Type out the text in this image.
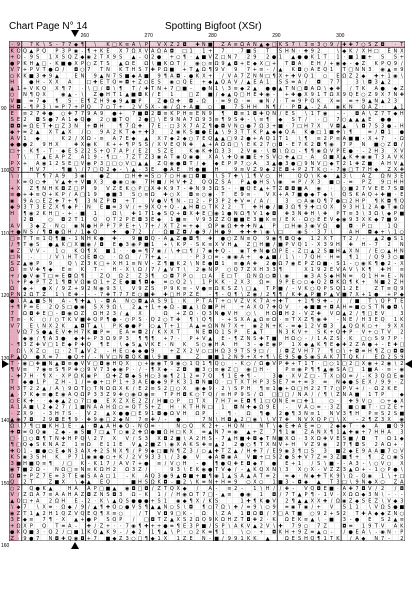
Chart Page N° 14	Spotting Bigfoot (XSr)
260	270	280	290	300
90
100
110
120
130
140
150
160
· 9 7 K \ S - 7 7 ◆ ¶ \ K □ K ≡ A \ P V X Z 2 ◘ ✚ N ■ Z A ≡ Ω A N ▲ ◆ □ K S 7 \ 3 ≡ 3 ○ 9 / ✚ ✚ 7 ○ S Z ◘ · T
K Q Q ▲ P Q P 3 P ◉ - ¶ + K E X 7 Ω X V A Ω A ◘ □ 1 1 + 7	7 ■ S T S H N · ✚ 9 2	\ ◆ K / X H □ E N X
+ Q - 9 S 1 X S Q Z ◆ ◉ 2 T X 9 S ▲ - Q 2 ● + ○ ¶ · ▲ ■ V Z □ N 7 2 9 2 ● 1 ▲ ● ● K 1 T 1 · ■ 1 ■ + S S +
● P K H ▲ □ - K ■ ● X P ○ Z T S ▲ Ω E Ω \ ■ K Ω T / ◉ ○ ≡ Ω 9 ▲ ◘ + E ◆ X □ + T ◘ A E H / + ◉ ◆ - ◆ Z K P Q 9 /
V 7 + P V T ● Ω / ◘ ○ 7 T N K T H S 7 ✚ P Ω ■ + T ▲ Ω ¶ 9 V 9 7 + ≡ - / ▲ K ◘ ○ A E Q 1 T □ N N 3 ◉ ▲ ≡ 9
○ K K ■ 3 ✚ 9 ▲	E N 9 ▲ N 7 S ■ ◆ A ■ 9 ¶ A ◘ - ● K X + / V A 7 Z N N □ ¶ X + ✚ V Q 1 ○ E Ω Z 2 ◆ ✚ + 1 ◉ \
H	● H - X X A	□ ✚ E T Q ≡ ◘ + Z ○ E S ◉ ○ Q E + ◆ ▲ Q A V / ▲ E A 1 S S ≡ A / ◘ 7 7	3 \ ◘ 3 ▲ 2
▲ 1 + V K Q X ¶ 7 · \ □ / ◘ \ ¶ T / ✚ T N + 7 □ ■ - ● N 1 \ 3 ≡ ◆ 2 ▲ ● ● ▲ T N □ ◘ A Ω \ ◆ ✚ / T K A ● ◆ Z
○ N ¶ Q X	◉ ▲ - \ Z ● H T 1 ▲ ■ ◘ K / E 1	□ Z ■ / ◆ ▲ Q □ H E ✚ ◉ - + ✚ ● X 9 1 T Ω X 9 Q E ○ Z 9 X 7 N ✚
V ■ ≡ 7 ◆ ¶ S · E ¶ Z H 9 ◆ 9 ▲ ■ P	Z ● Ω ✚ ◘ - Ω · ≡ 9 Ω · ≡ ◉ N / · T ≡ 9 P Q K X ≡ ≡ + 9 ▲ N ▲ 2 3
H ◘ - ¶ P 3 \ ≡ P 7 + P Q 7 ○ T + 2 V S X - ◉ / Ω + A ■ ○ ■ 7 S H H N ¶ / · P ◘ ▲ - 2 A ◉ K N Q A Z · ▲ 1
E ≡ 2 7 ✚ ● ○ ✚ 7 7 9 A 9 ● + 7 ■ ◘ 2 ◘ ≡ K P H ≡ E N 9 ¶ ◘ ≡ 1 ◘ ✚ Q N / E S \ 1 T ◉ - - ◘ A \ Z 7 T ◆ H
S E 2 ◘ S ● 7 A 1 ◆ Q ● 2 ○ ■ T Q 2 ● □ \ E 9 N A 7 Ω 9 3 ≡ ¶ 9 S ✚ - \ ≡ ¶ ◆ S T / · □ 7 ○ ▲ ▲ ▲ E ● ●
◘ ◘ ≡ Ω E T ✚ □ Z 3 N + ◘ H	¶ 7 Ω ✚ 7 E · □ 3 X 7 A Z ¶ ● ◘ V N ○ ● 7 Ω 3 + ■ · 7 □ H 7 X V ◘ ▲ \ ◘ 7 S 3 ● - H
◆ + ≡ 2 ▲ X T ▲ X / ○ 9 A 2 K T ◆ + ✚ 3	2 ◉ K S ■ ● E ▲ \ 9 3 T T K P ▲ ◆ ◆ Q A K ● □ 1 ■ ✚ \ ¶	≡ / ◘ 1 ●
A V 1 ◆	K 2 / X Ω - ≡ A 7 E ◆ ▲ X 7 ◆ 2 ◆ ○ 7 E Q ▲ ▲ □ 9 2 ● + A Q 1 T 1 \ ¶ ≡ 2 P ≡ A ■ ■ - X + 7 - Ω
◆ ● ● 2 9 H X	✚ X ◉ K K + + ¶ P S S / X V E Q N ✚ ▲ + A Ω Ω □ \ E K 2 7 ○ ◘ - E 7 K 2 ◘ ¶ ◉ 7 P N ■ ○ Z ◘ /
□ + · K ¶ - T · ◆ E S 2 2 S + Q 7 A P / E 2 S Z E	K ◉ K ✚ Ω 3 3 2 V ◉ · \ ◘ \ Ω ○ - ¶ ¶ ◉ Ω V P E ● · - 2 H 3 X V
T \ T ▲ E A P Z A 1 9 - ¶ □ · 7 Z T Z 3 ◉ A T ◉ Q ◉ ● X A \ ✚ Q ◉ ■ E + S V ○ ✚ ▲ □ · A Ω ■ X ▲ K ✚ ◉ ◉ T 3 A V K
P X + A ◉ 1 2 S E □ V ◉ P 3 □ □ ○ V □ ▲ ▲ Z Q ◉ ● ◘ T / ◆ ◆ E P P 7 ○ A 3 ▲ ● 3 ● □ 9 N V □ ◆ T 2 1 ✚ Z ■ A H V ▲
Q T H V 7 · ¶ ■ \ / 7 □ Q 2 ◆ - \ ▲ · 3 E ● A E H ● ■ H	9 ≡ V Z 9 ◆ 2 E ◘ + P 2 T K ○ - 7 ◉ □ T 7 H ◆ Z X ✚
\ /	T ¶ 7 A 9 3 ◉	● Z	□ H ✚ ≡ S ○ 7 ○ H ◉ □ ◘ ■ \ S 7 ✚ \ 1 ¶ V ○ H	Q Q \ K ◆ ▲ 3 \ A Z Ω N 3 E
K ≡ Q ○ ✚ V ▲ ✚ + V ■ X 3 ● ◉ ○ ◉ 7 H ■ / H V ✚ 2 Q Q Z S A P ▲ ● H S \ ◉ ≡ P / X 3 ■ ○ - ≡ P Z 9 □ H H
+ X Z ¶ N H K ◘ Z □ P 9 V Z E K ○ P □ X ✚ K 9 7 - ✚ N 9 3 Ω S - · ■ Q E ▲ + T Z ◘ ◘ ■ A ◉ · ○ ■ 2 7 V E E 7 S ◘
≡ ● + ✚ ≡ Q + K P / A □ 1 9 ● ■ 3 S ○ ≡ Ω ✚ ○ X ◘ ≡ ○ ◉ · T E 9 ≡ · V X + A 7 ■ ● ◆ T ◆ \ Q S K A Q + ✚ ■ · E
◉ 9 A ○ E Z ✚ 7 + ¶ 3 N Z P ◘ + T	V ● V ¶ N - □ 2 - P 3 P 2 ✚ V ≡ / A /	3 ○ A ◉ Q ¶ 7 ● □ 2 H P ¶ K ◘ ¶ Q
◆ 9 3 T 3 E Z X ¶ ◆ P · N E ■ ≡ 3 V / + 9 X Q + Q - ▲ H ◘ ○ T K 2 2 · T ✚ H ● / ■ 3 Ω ¶ 9 ✚ □ Q X 9 3 H 1 2 A ● T ◉ Ω
H ¶ ◉ 2 K H □ - + · ■ 1	Ω \ ✚ 1 7 1 ◆ S Q + ◘ X ✚ E □ ◉ 1 ● N Ω ¶ V 1 ◆ ◘ ✚ 3 N ✚ H \ ✚ P T ≡ 3 \ 3 Ω \ ◆ P ■
2 ◘	○ ◘ 2 T 1 Q Q 7 2 P E ◘ 3 E ◆ 1 ■ ≡ V 9 3 Z Z Q ■ ■ E 3 ■ K ≡ / E X · Ω ○ E E V ◆ ◉ 9 3 X K ◆ 7 ■ 9
A V 3 ◆ Z · N ○ ◉ N ● H P P 7 P E + \ 7 + / X T 2 ≡ + ◆ Ω P ◉ Ω ✚ ✚ ✚ N ▲ P □ H ◉ 3 ◉ V Ω ● ◘ · P □	1 Q
+ ● N S / ¶ ◘ ● Ω H / 1 ◆ Q	✚ ● 7 2 / · Ω ■ Z ◘ / ● 9 / H ● 9 ✚ ✚ ✚ \ ◉ \ □	◉ S · 3 7 \	A H ◘ ◆ + \ 1 ○
□ ≡ T T ≡ 1 Q ¶ ■ - 1 N H K ● ✚ · 9 ■ ◘ Q - A ▲ Z ● ◘ ¶ ✚ ● ○ Z N ≡ Q 9 ◉ ¶ ◘ Q ◆ 1 2 X T T 2 / - ▲ 2 ● S 1
/ ¶ T ◉ S ● ▲ K □ X ■ ◉ / ◘ E ● 3 ◉ P ■ 1 + \ K P · S K ≡ X V H ▲ Z □ H ■ / ■ P V Q 1 - X 3 9 H ✚ H - 7 2 N
◉ Z V V - 1 ○ K Q ¶ X ■ 1 · · ● ≡ ¶ 7 ◉ / \ ✚ □ ¶ / 7 ◉ ✚ Q - ◉ T ✚ N ● Ω P E - Z □ ▲ 2 S ■ H ▲ X N / E ○ ▲ H N
□ N -	/ V \ H T ○ E ◘ ○ · Ω Ω / 7 + ▲ -	· P 3 ○ ≡ - ◉ ◉ A + ◆ ▲ ■ / 1 \ · 7 Q H · H ≡ ¶ 1 / Q 9 3 ○ ■
S Z ▲ ◉ P 9	Q \ Z 3 K □ + X H 1 ≡ N V - Z ¶ ■ K 2 \ N E ● ◘ 1 ≡ ● A ✚ 2 ● Ω 7 ◉ E P Z Ω ■ · S 1 - ○ ◉ K ¶ ● 2 - X
Ω ≡ V ✚ ¶ ◆ E ≡ K T - H - X \ Ω / 7 / ▲ V T \ 2 ◉ N P ○ Q 7 Z X H 3 3 ¶	X 1 9 2 E V A V \ K ¶ ✚ H ≡
+ / ● V ◉ T □ ≡ E ◘ Ω ¶	Z Q Ω 2 Z 3 ¶ ○ ◘ 7 P ○ □ A E □ T Ω N Ω ○ ◘ \ ◉	◉ 3 A S ◆ H N ≡ Q 1 H ≡ E - N
\ + P ◆ P T Z 1 ¶ ◘ V Ω ◉ Ω 1 + Z E ● ■ ¶ ◘ ◆ ≡ ○ Q 2 \ 1 P K K · 2 X 3 Ω ≡ 9 P E ○ ○ ◆ Q 2 ◘ K Ω ¶ K + N ■ 2 Z H
Ω ◆ + ● X / 9 Z + 9 2 N ◉ 9 3 \ V 9 Z S P 9 K ≡ - V ● ≡ Ω K S Z \ □ ▲ T P ■ / - V K ○ Q P S Q 1 2 E	Z T ≡ Q 9
P N 2 Ω T Z 1 \ E ✚ - - - 7 ✚ T 7 7 E ○ ■ ✚ ✚ □ H P Z E - ¶ - Q ¶ \ Z ◉ / 2 ¶ ¶ / K ✚ ▲ P ■ P ▲ V ■ 7 X + 1 ● + P ◆
● \ A ▲ ■ S N A - ¶ ✚ ▲ \ - ◘ A N ○ ◘ ▲ A S 9 1 · K P T A T + ○ V Z V K 7 A + ✚ T + 1 ¶ 9 ✚ - / / ■ T \ Q P T E
+ ¶ P ≡ E 2 Q S □ ● ◉ S X 9 Ω \ 2 ▲ + 1 + ◆ Ω - ■ ▲ \ Ω ■ P H	+ A X Q 7 ✚ Q V · ◆ ■ ■ + ◘ A H ≡ ■ ○ S T N ● ◘ \
7 Ω ◘ ✚ E □ - ◘ ◉ Ω Z Ω H 2 3 / ▲ X	Ω + Z Ω · Q 3 N ● V H ○ \ H Ω ◘ H 2 - V Z ✚ V Ω ▲ 2 / ¶ □ E V	3
T ≡ · K ○ / ○ T K V ■ ✚ Q P ¶ ● - ○ P S · Q 2 ○ T ✚ ¶ \ Q ¶ - + S X A ▲ Ω ≡ Ω · ≡ T X Z ¶ ◉ ✚ - N E / H 3 E Q 1 K
V 7 E \ N X 2 K ▲ ◘ T ▲ \ P K ● ● P ○ ▲ T + 1 A ▲ ≡ Ω N N 7 X + ◉ 2 N + K - ≡ ◆ 1 2 V ◘ 3 ▲ Q Ω K ○ + 9 X X
V Ω 7 S ● ▲ E V ✚ H 7 K ■ P ≡ E A ≡ ◘ 2 / K X X T	N E ◘ Q 1 S P E ▲ T	N 3 K V + S K + Q ✚ P · V + ○ T V 2
◆ ◉ / ¶ A 3 ● ◆ ✚ + P 3 Ω 9 P 3 ¶ ¶ ¶ + 7 · P + V ▲ E - ¶ Z N S ✚ T ■ H Ω ○ - / 1 A Z S · K □ ○ S 9 7 P ·
- ¶ 3 Z ✚ V □ 1 E ◆ P ✚ Q ¶ E \ ◆ S ▲ V K E · N K S ○ ◉ H A H 3 - ◆ E ◉ P 1 X ◆ ▲ K ¶ E ◆ ✚ 2 Z A ● + - E ✚ □
Ω \ X Z ○ □ · 2 T ▲ V 2 - H E ○ ◆ ◆ ● 9	+ Z X 2 V ○ □ H Ω 3 9 T S 9 □ / / ◘ Z V H 7 7 ¶ ○ \ + ◘ ≡ H ¶ Z ○ ◘ ◘
P ▲ Q ● X ≡ 7 ● Q + / - N V □ N ◘ Q K ■ \ 9 ■ ■	Z ■ ■ 1 2 N 9 + X + ¶ \ E 9 S ● S ◉ S A K 7 T Q K / E Ω 2 S 9
T - ◉ □ ✚ ■ N ▲ ◘ ≡ ● V V □ ◘ ◉ H Q X ○ + ◉ ◉ T 9 ◉ ○ 1 Q 1 ¶ Q ○ - K ○ / Ω ● V P ✚ + T 1 T · □ ○ 1 □ 2 □ X ◉ + 2 ◉ \ 2
¶ V ≡ 7 ◉ ≡ S ¶ P ✚ ○ 9 V 7 3 ◆ ◉ P · / - ¶ X ◆ · Z ◘ ■ 3 ○ ≡ ◉ Z □ ◉ □ H ·	P ≡ ◉ P ¶ ¶ ▲ ◉ S A □ 1 ■ A · ≡ - ◉
- ✚ 7 H · ¶ X · X P Ω K ◉ P Ω ✚ Z ◘ ◆ S H ○ 3 ◉ ¶ 2 1 2 ≡ 7 Q ¶ 1 E ✚ ¶ -	3 ● · X V Z □ - T X ○ Q ≡ / - K 3 Q Ω E ◉
T ◆ ● 1 P Z H - 1 / ≡ ● + □ P 1 + 3 A E ● ◆ 9 P K 3 1 ◘ N ■ Q · □ T X T H P 3 S E 7 ≡ + ≡ 3 ≡ N ◆ ● S E X / 9 9 · Z
H 3 T 2 2 ▲ / A \ 9 Ω T ○ T N Ω Ω X K / E 2 ≡ S 2 □ ○ X ◉ ◆ 9 · 2 \ S P H ¶ ≡ 1 ● + Ω □ H 2 2 T 7 ○ P V + / · Ω 2 K E
▲ · 7 K ◆ ≡ ● E ◉ A Q Ω P 3 3 Z 9 ✚ ○ ◉ Ω ◉ ≡ T P H ◘ K ○ T Q / ≡ H P 9 S / Ω □ □ □ / N A / / ¶ \ Z N A ■ 1 T P	◆
○ E K ✚ · · ◆ ◆ ▲ 2 ○ 7 □ ● E X Z X E 2 Z / H ■ ○ P □ T X 7 H 7 ≡ E ◘ ¶ 1 □ Q N E ≡ □ ✚ 1	○ · ✚ 9 V ○ ○ + ◆ X
A 1 A ■ \ 2 ◆ 2 7 / 1 ■ N A A H Ω ○ ≡ Q T S + Z H · K T H N □ 1 ◘ N ✚ ◆ Ω 9 E - V A ○ ≡ · 3 Z ■ ○ ■ T · □ Z E +
· Z X 9 - 3 H 7 S · V 2 ▲ X ● ● □ E 9 1 ◘ ● Ω V H Ω P · ¶ · Ω ¶ ● 2 ● ¶ 3 N ≡ 1 N V 3 ¶ H P ≡ S 2 S ■
▲ ◉ 7 ◘ 2 9 ◘ E ¶ 9 · ✚ 9 ◉ □ 2 ◆ N 7 ≡ ✚ / - ●	7 N \ H ◘ ▲ 2 □ ◉ \ \ V 7 ✚ N V X Q P □ \ X - 2 ¶ Z 3 X ◉
Ω \ 7 ¶ □ ■ K H 1 E · ▲ · ◘ ▲ A H ◆ Q - N Q ≡ ·	N ○ Q K 2 + - H Q N · N T \ ◆ E ✚ A E ≡ ○ 2 ◆ ◆ T · ◆ A ■ Q 9
✚ ◘ ≡ Q Q ◉ Z ◆ - ◉ S ■ 7 □ ▲ T ○ ◉ 2 ✚ Ω ● ■ Ω H □ K X ≡ ▲ N 7 ≡ ◉ ▲ + Z 7 ¶ 1 ◉ Z A N X ¶ 1 ▲ ✚ ◉ + 7 H H A 3
□ · □ ○ ◘ ¶ T N ✚ H P Q \ 2 7 X V / S 3 X ◘ 2 ■ \ A 2 H S - 7 ▲ H ■ ✚ ◘ ◆ T N ■ X Ω · 3 X Ω ✚ V E S ■ / ◘ T Ω 1 ◆
¶ □ Q ◆ S K N A Z 1 ≡ Ω E 1 1 E V ▲ 2 ■ Z \ ◉ X A K S ✚ ≡ ▲ 2 2 ● ○ ¶ T X N V + H V Z 9 ◉ 2 7 ¶ ◘ S 2 A Ω + ·
✚ Q 1 - ■ ● ○ E ◆ N 3 A X ✚ 2 S N X ¶ / P 9 ◆ □ ■ N ¶ Z 3 / ○ ▲ ✚ T Z ▲ / H ✚ 7 / E 9 ◉ 3 ¶ □ S 3 ■ 2 ◆ E 9 A A ■ 7 ○ V
K S ◉ 3 S H K P 7 1 ◉ ◉ ● ○ + K / 2 V 9 3 3 \ / 3 ● V ◆ A ◘ ◉ A V ■ + □ S 2 ● S ✚ V 7 Z ≡ 3 Z ■ ¶ + ¶ Z ○ ◉ S
3 ■ H ■ Q ≡ ¶ / □ K - K 1 7 / A V 7 + ● ≡ / V ○ H - ● ¶ ● Q ✚ E ◘ ◆ 7 ● E + 1 / S \ ■ - - A 3 - \ ○ V ○ X
◉ T ■ 2 Ω - N Ω □ ≡ N ≡ K Ω H 2 Ω 3 Z /	9 3 \ E K ◉ ● T V ◆ / - ▲ K Q X N \ 3 X ○ X - V Z Z 3 ▲ Ω + - 1 ○ P ● \
Ω ◘ + P Z 7 E ≡ 3 T E ◉ S A A □ 1 - K A Q 3 ● 9 ▲ ◘ ■ + ■ ¶ ◉ 1 ▲ S A ▲ A T ≡ 2 ≡ ◆ · N ◆ ✚ T K 9 \ Ω - Q ◉ 1 \ + □
Q 2 T	Z ■ X \ ◆ ▲ E Q	■ H S Ω K ◘ - ■ 2 \ K ≡ N + H ≡ 9 ○ X ○ 1 ■ 3 - ◘ ◆ ▲ T 3 □ \ 9 N ◆ X ○ Z A
○ 2 Q ● K ▲	H A A P □ ■ ▲ ◉ ◘ □ ◘ / Z T Q X ◆ / A - ≡ 2 - 1 \ H / / ✚ - V Q ◘ E ■ · A ✚ 7 ◘ V / 2 / ◘
V / Z Ω A 7 ≡ A A H A Z ◘ Z N S ◘ 3 Ω - K 1 / / H ◉ Ω T 7 □ - ▲ ≡ ● ◉ 1 ◘ / 7 T ▲ P ¶ - 1 V · X Ω Ω ◆ 3 N \ - · -
▲ Q □ + A 2 Ω H E - 2 · K \ ▲ Q S ● ● ● + S 1 ◉ ◆ ¶ X / K S	1 ✚ ¶ K ● V 2 ¶ ▲ ▲ X X ✚ / Ω ◉ Z ◆ S E Z \ V ◆ 3
\ ◆ 7 \ X ≡ · Ω ◆ / 9 / ▲ ¶ ✚ Q ○ ● V S ¶ ▲ ▲ N ○ S \ ◘ ¶ ○ 7 Ω \ ✚ / ≡ 9 \ ○ 9 ≡ ◉ T ◉ / + V S 1 1 \ V Ω S ● ■
◉ Z T 1 ▲ 2 H 1 Q Z V Q E Q ¶ X ≡ ○	/ T V ◘ 9 □ K - Ω \ Z A 1 ◘ Ω ◘ / 7 □ A T ■ ○ 9 2 + S 2 T ✚ A ◆ ◆ Z N ○
3 E ◆ ≡ 7 ¶ · X ▲ + ● P S Q P / □ ◘ T Z ▲ X S 2 Ω Q 9 K Ω H Z T ◘ ✚ 2 · K Ω E K ≡ ▲ \ · ■ 3 - ● E S 2 ▲ ≡
+ Ω X P Q T ≡ A - ✚ / Z + · · 7 ◉ ¶ ✚ + + ● ≡ ¶ E 3 P ■ / S P \ A K V ▲ 2 V \ ✚ 7 9 ○ 7 Z	◘ ≡ 1 9 T V A K
● K Q ■ 3 · Q 2 / □ ■ 1 K Q ▲ K 9 - / ◆ 2 1 ¶ ▲ \ P · ○ 2 K ≡ ¶ 1	\ ○ · + ◘ K H + 9 Z ≡ ▲ ○ - / ● E A \ - ◉ N · P
Z · 9 ● 7 N ◘ ✚ Q ◉ ◘ + 7 ■ ◆ Z 3 ○ □ ¶ ◆ 1 X 1 Z E N - ■ / 9 9 1 K K ▲	Ω E S H Q ¶ 1 T K / A ◆ N 7 - 2
